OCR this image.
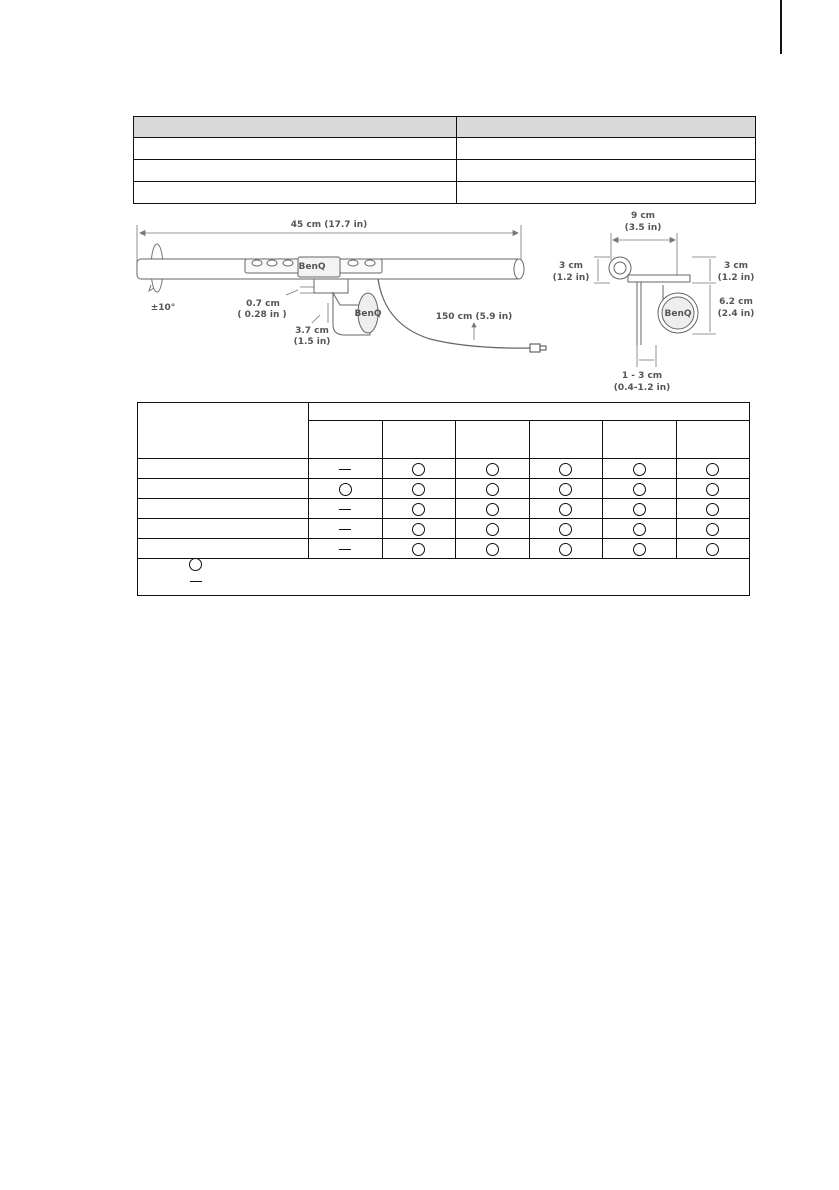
45 cm (17.7 in)
±10°
BenQ
BenQ
0.7 cm
( 0.28 in )
3.7 cm
(1.5 in)
150 cm (5.9 in)
9 cm
(3.5 in)
BenQ
3 cm
(1.2 in)
3 cm
(1.2 in)
6.2 cm
(2.4 in)
1 - 3 cm
(0.4-1.2 in)
